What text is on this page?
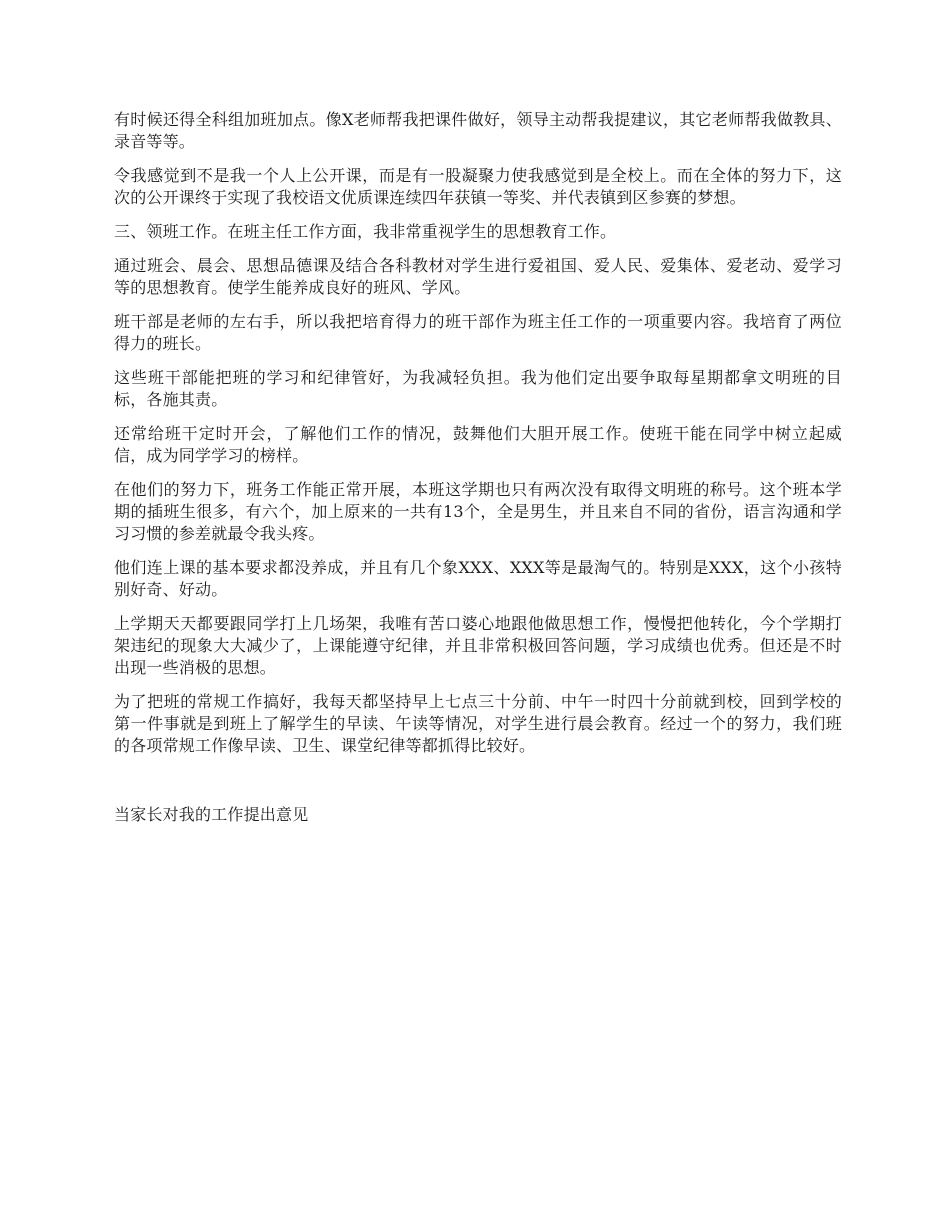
有时候还得全科组加班加点。像X老师帮我把课件做好，领导主动帮我提建议，其它老师帮我做教具、录音等等。

令我感觉到不是我一个人上公开课，而是有一股凝聚力使我感觉到是全校上。而在全体的努力下，这次的公开课终于实现了我校语文优质课连续四年获镇一等奖、并代表镇到区参赛的梦想。

三、领班工作。在班主任工作方面，我非常重视学生的思想教育工作。

通过班会、晨会、思想品德课及结合各科教材对学生进行爱祖国、爱人民、爱集体、爱老动、爱学习等的思想教育。使学生能养成良好的班风、学风。

班干部是老师的左右手，所以我把培育得力的班干部作为班主任工作的一项重要内容。我培育了两位得力的班长。

这些班干部能把班的学习和纪律管好，为我减轻负担。我为他们定出要争取每星期都拿文明班的目标，各施其责。

还常给班干定时开会，了解他们工作的情况，鼓舞他们大胆开展工作。使班干能在同学中树立起威信，成为同学学习的榜样。

在他们的努力下，班务工作能正常开展，本班这学期也只有两次没有取得文明班的称号。这个班本学期的插班生很多，有六个，加上原来的一共有13个，全是男生，并且来自不同的省份，语言沟通和学习习惯的参差就最令我头疼。

他们连上课的基本要求都没养成，并且有几个象XXX、XXX等是最淘气的。特别是XXX，这个小孩特别好奇、好动。

上学期天天都要跟同学打上几场架，我唯有苦口婆心地跟他做思想工作，慢慢把他转化，今个学期打架违纪的现象大大减少了，上课能遵守纪律，并且非常积极回答问题，学习成绩也优秀。但还是不时出现一些消极的思想。

为了把班的常规工作搞好，我每天都坚持早上七点三十分前、中午一时四十分前就到校，回到学校的第一件事就是到班上了解学生的早读、午读等情况，对学生进行晨会教育。经过一个的努力，我们班的各项常规工作像早读、卫生、课堂纪律等都抓得比较好。

当家长对我的工作提出意见
